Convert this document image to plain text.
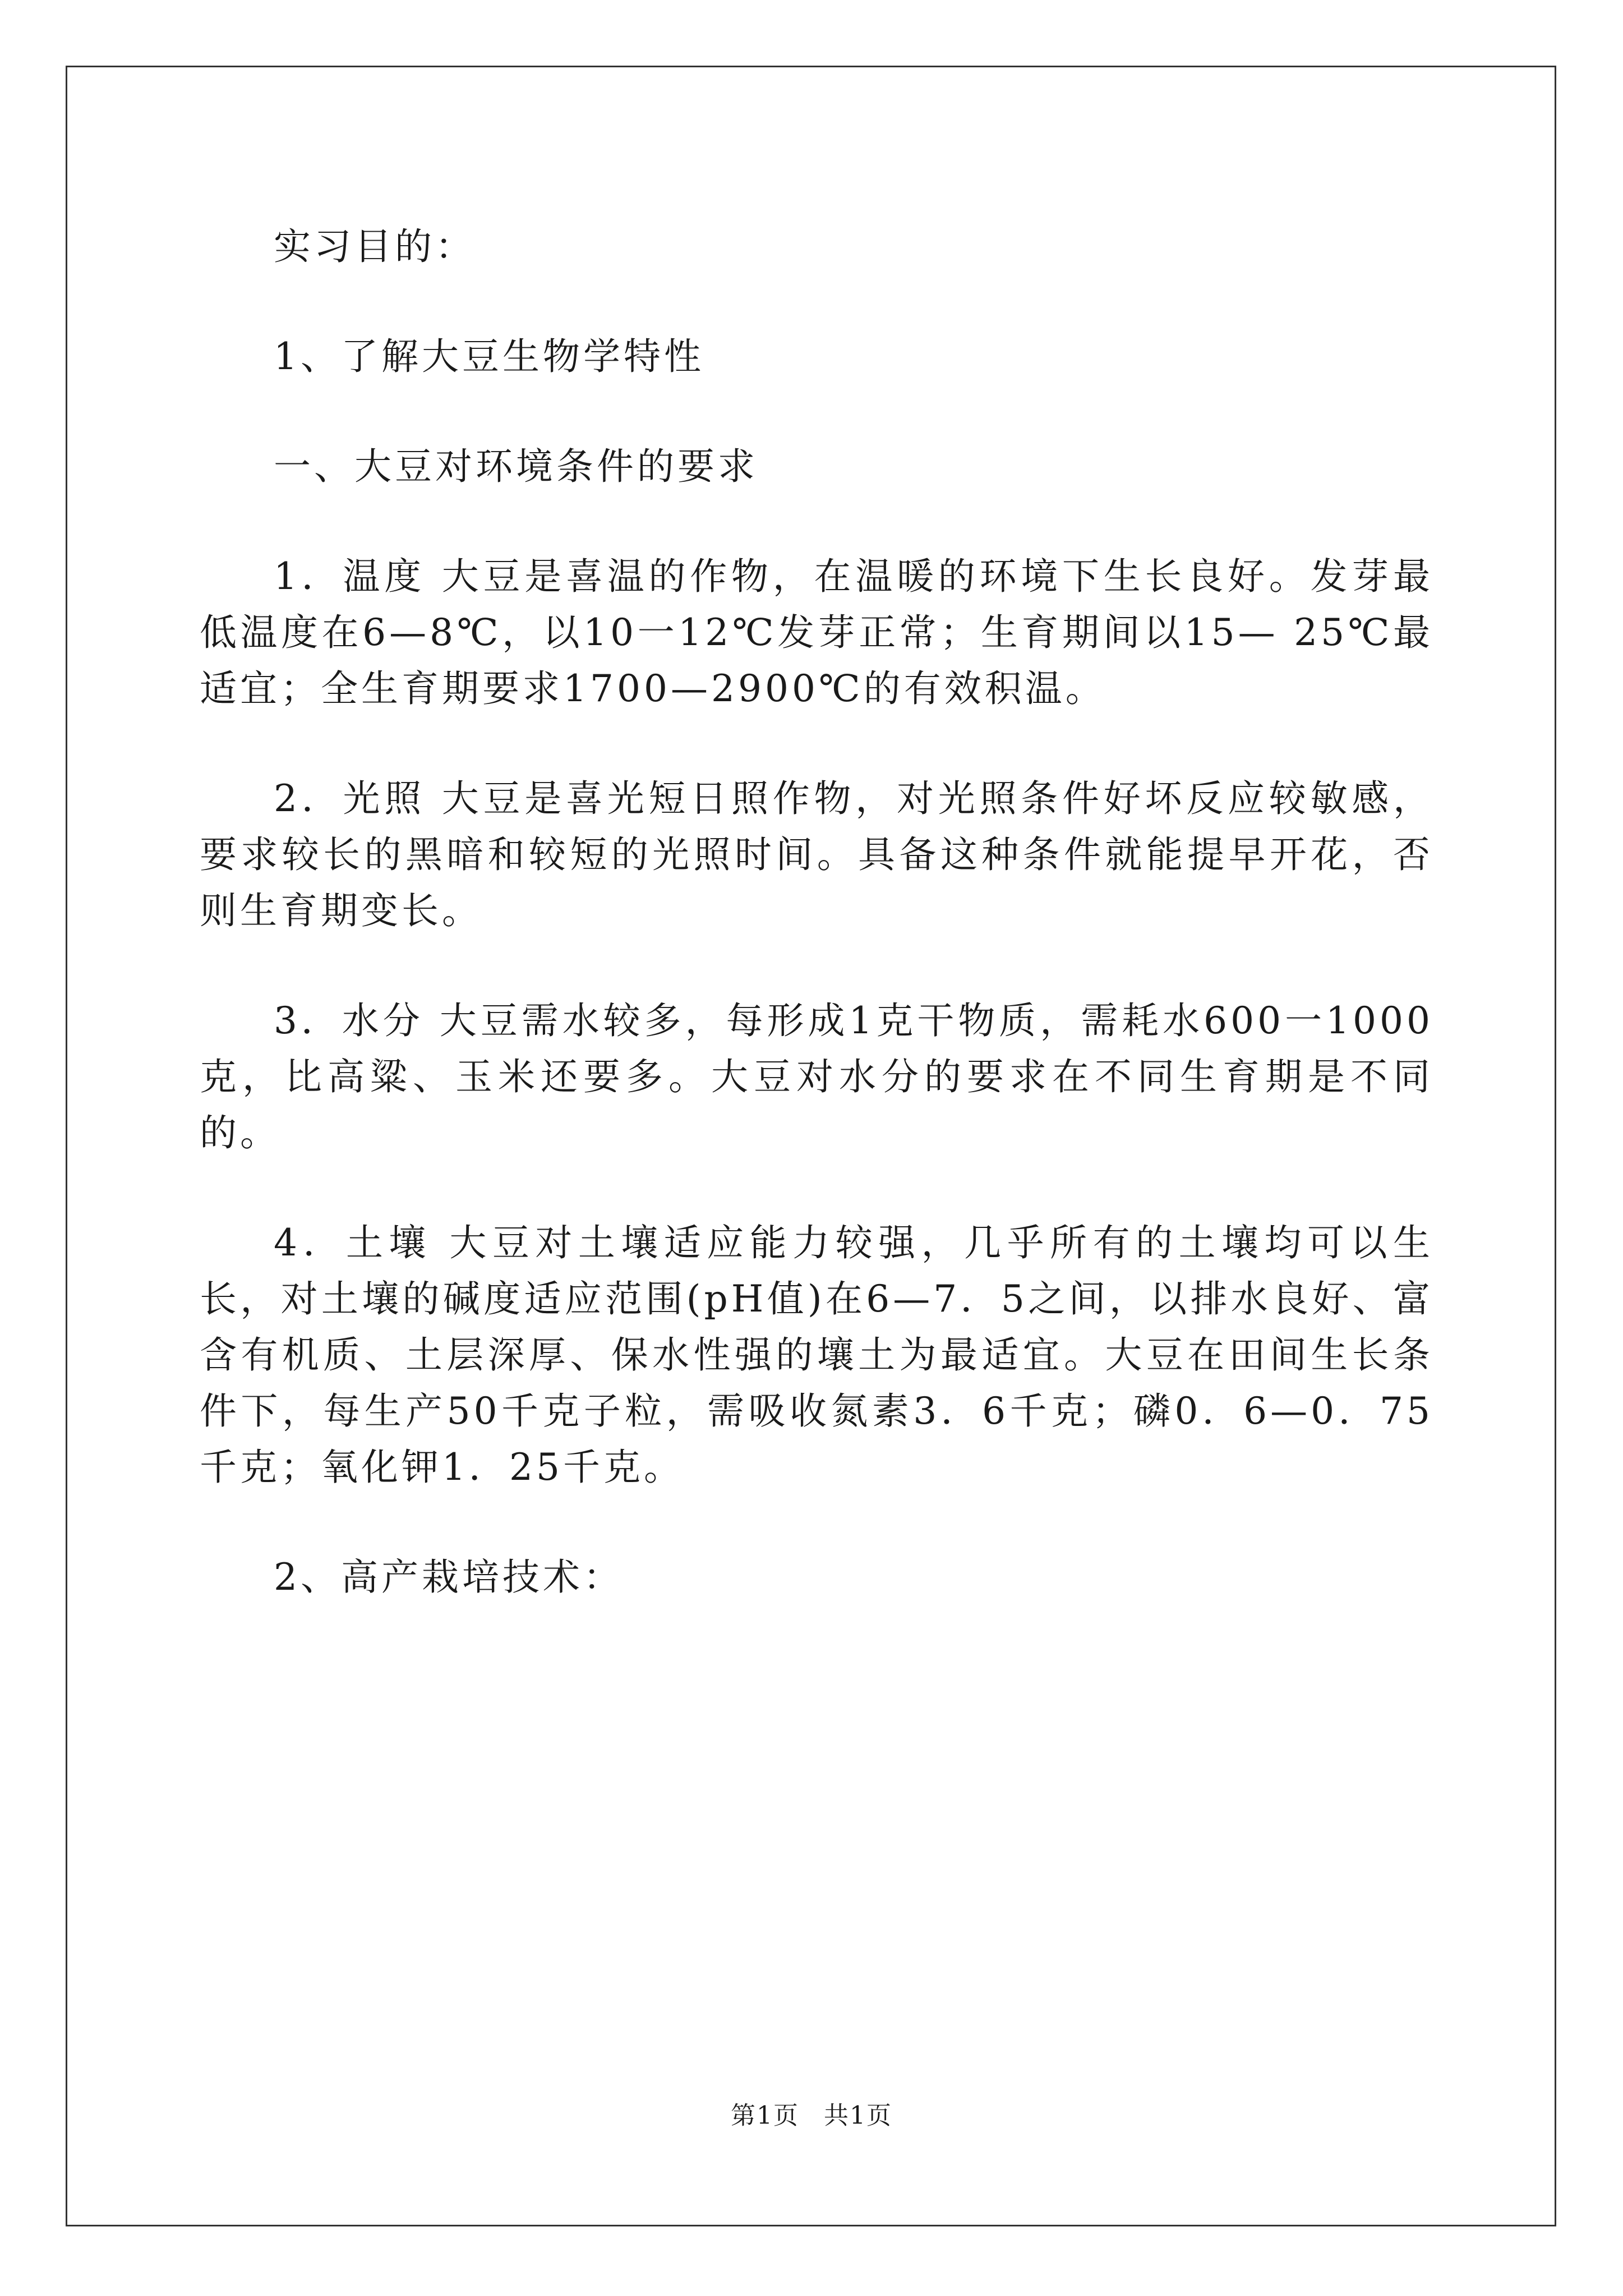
实习目的：

1、了解大豆生物学特性

一、大豆对环境条件的要求

1．温度 大豆是喜温的作物，在温暖的环境下生长良好。发芽最低温度在6—8℃，以10一12℃发芽正常；生育期间以15— 25℃最适宜；全生育期要求1700—2900℃的有效积温。

2．光照 大豆是喜光短日照作物，对光照条件好坏反应较敏感，要求较长的黑暗和较短的光照时间。具备这种条件就能提早开花，否则生育期变长。

3．水分 大豆需水较多，每形成1克干物质，需耗水600一1000克，比高粱、玉米还要多。大豆对水分的要求在不同生育期是不同的。

4．土壤 大豆对土壤适应能力较强，几乎所有的土壤均可以生长，对土壤的碱度适应范围(pH值)在6—7．5之间，以排水良好、富含有机质、土层深厚、保水性强的壤土为最适宜。大豆在田间生长条件下，每生产50千克子粒，需吸收氮素3．6千克；磷0．6—0．75千克；氧化钾1．25千克。

2、高产栽培技术：

第1页 共1页
